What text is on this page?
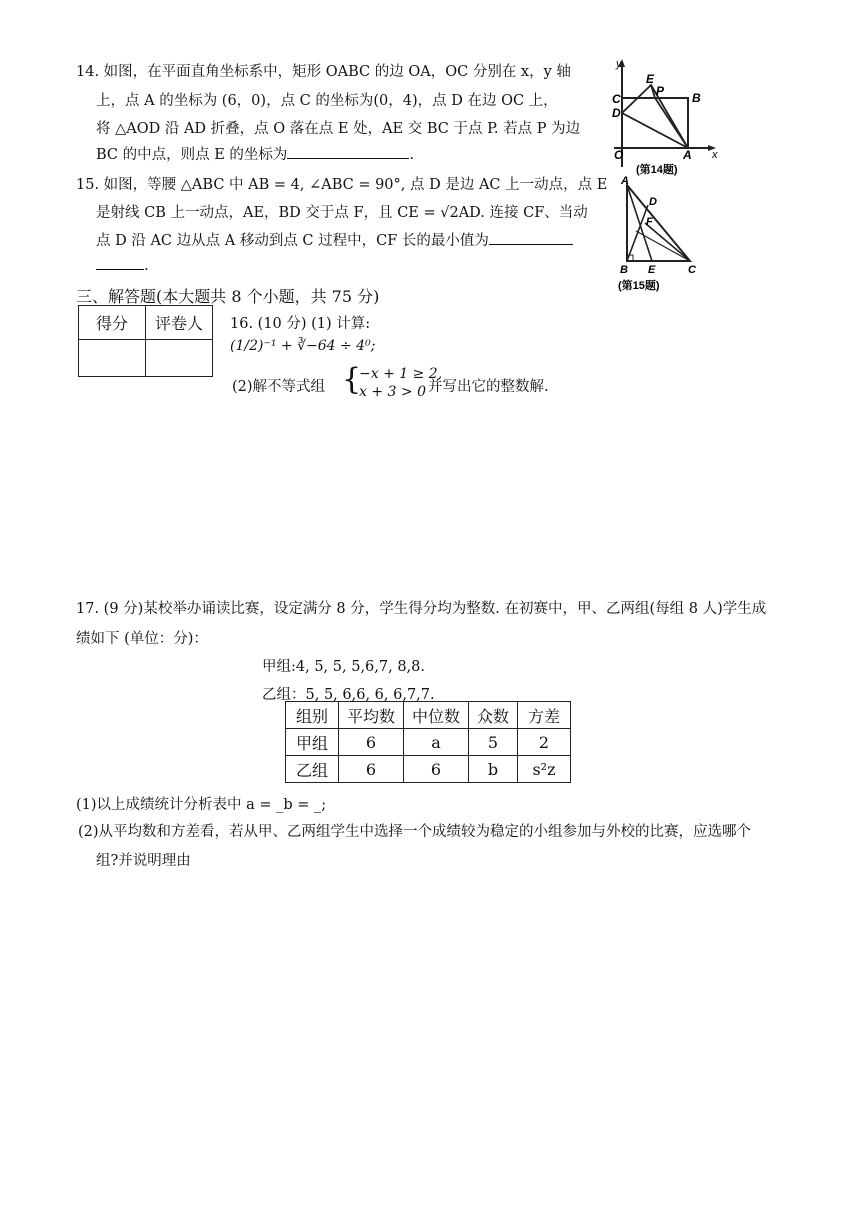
14. 如图，在平面直角坐标系中，矩形 OABC 的边 OA，OC 分别在 x，y 轴
上，点 A 的坐标为 (6，0)，点 C 的坐标为(0，4)，点 D 在边 OC 上，
将 △AOD 沿 AD 折叠，点 O 落在点 E 处，AE 交 BC 于点 P. 若点 P 为边
BC 的中点，则点 E 的坐标为	.
y
x
O	A
B
C
D
E
P
(第14题)
15. 如图，等腰 △ABC 中 AB = 4, ∠ABC = 90°, 点 D 是边 AC 上一动点，点 E
是射线 CB 上一动点，AE，BD 交于点 F，且 CE = √2AD. 连接 CF、当动
点 D 沿 AC 边从点 A 移动到点 C 过程中，CF 长的最小值为
.
A
B	C
D
E
F
(第15题)
三、解答题(本大题共 8 个小题，共 75 分)
得分	评卷人
	16. (10 分) (1) 计算:
(1/2)⁻¹ + ∛−64 ÷ 4⁰;
(2)解不等式组 {
−x + 1 ≥ 2,
x + 3 > 0 并写出它的整数解.
17. (9 分)某校举办诵读比赛，设定满分 8 分，学生得分均为整数. 在初赛中，甲、乙两组(每组 8 人)学生成
绩如下 (单位：分)：
甲组:4, 5, 5, 5,6,7, 8,8.
乙组：5, 5, 6,6, 6, 6,7,7.
组别	平均数	中位数	众数	方差
甲组	6	a	5	2
乙组	6	6	b	s²z
(1)以上成绩统计分析表中 a = _b = _;
(2)从平均数和方差看，若从甲、乙两组学生中选择一个成绩较为稳定的小组参加与外校的比赛，应选哪个
组?并说明理由
